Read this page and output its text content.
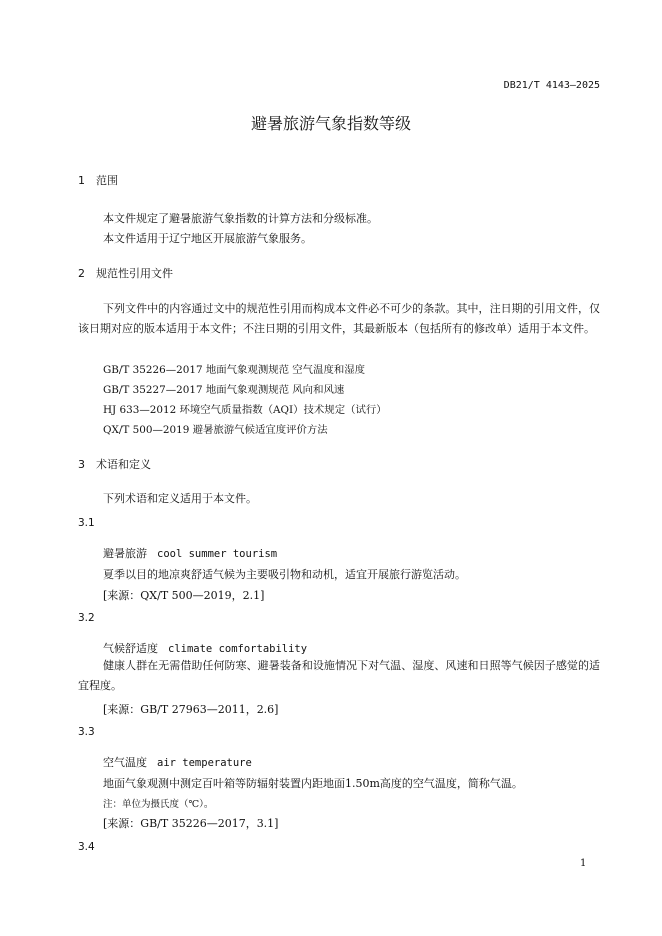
DB21/T 4143—2025
避暑旅游气象指数等级
1 范围
本文件规定了避暑旅游气象指数的计算方法和分级标准。
本文件适用于辽宁地区开展旅游气象服务。
2 规范性引用文件
下列文件中的内容通过文中的规范性引用而构成本文件必不可少的条款。其中，注日期的引用文件，仅该日期对应的版本适用于本文件；不注日期的引用文件，其最新版本（包括所有的修改单）适用于本文件。
GB/T 35226—2017 地面气象观测规范 空气温度和湿度
GB/T 35227—2017 地面气象观测规范 风向和风速
HJ 633—2012 环境空气质量指数（AQI）技术规定（试行）
QX/T 500—2019 避暑旅游气候适宜度评价方法
3 术语和定义
下列术语和定义适用于本文件。
3.1
避暑旅游 cool summer tourism
夏季以目的地凉爽舒适气候为主要吸引物和动机，适宜开展旅行游览活动。
[来源：QX/T 500—2019，2.1]
3.2
气候舒适度 climate comfortability
健康人群在无需借助任何防寒、避暑装备和设施情况下对气温、湿度、风速和日照等气候因子感觉的适宜程度。
[来源：GB/T 27963—2011，2.6]
3.3
空气温度 air temperature
地面气象观测中测定百叶箱等防辐射装置内距地面1.50m高度的空气温度，简称气温。
注：单位为摄氏度（℃）。
[来源：GB/T 35226—2017，3.1]
3.4
1
